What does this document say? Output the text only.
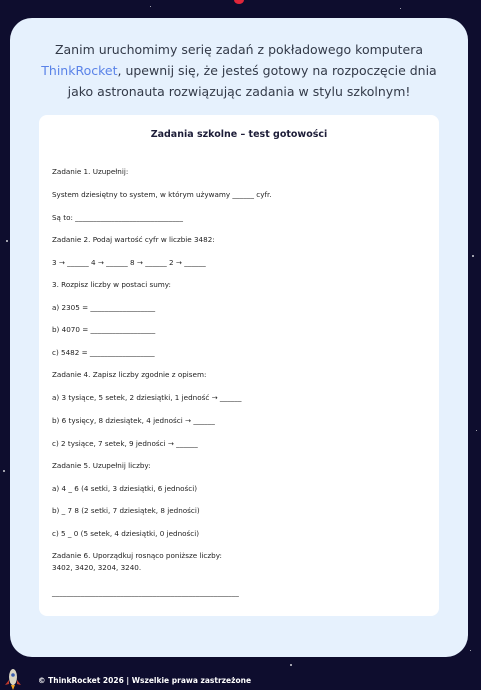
Zanim uruchomimy serię zadań z pokładowego komputera
ThinkRocket, upewnij się, że jesteś gotowy na rozpoczęcie dnia jako astronauta rozwiązując zadania w stylu szkolnym!
Zadania szkolne – test gotowości
Zadanie 1. Uzupełnij:
System dziesiętny to system, w którym używamy ______ cyfr.
Są to: ______________________________
Zadanie 2. Podaj wartość cyfr w liczbie 3482:
3 → ______ 4 → ______ 8 → ______ 2 → ______
3. Rozpisz liczby w postaci sumy:
a) 2305 = __________________
b) 4070 = __________________
c) 5482 = __________________
Zadanie 4. Zapisz liczby zgodnie z opisem:
a) 3 tysiące, 5 setek, 2 dziesiątki, 1 jedność → ______
b) 6 tysięcy, 8 dziesiątek, 4 jedności → ______
c) 2 tysiące, 7 setek, 9 jedności → ______
Zadanie 5. Uzupełnij liczby:
a) 4 _ 6 (4 setki, 3 dziesiątki, 6 jedności)
b) _ 7 8 (2 setki, 7 dziesiątek, 8 jedności)
c) 5 _ 0 (5 setek, 4 dziesiątki, 0 jedności)
Zadanie 6. Uporządkuj rosnąco poniższe liczby:
3402, 3420, 3204, 3240.
____________________________________________________
© ThinkRocket 2026 | Wszelkie prawa zastrzeżone
